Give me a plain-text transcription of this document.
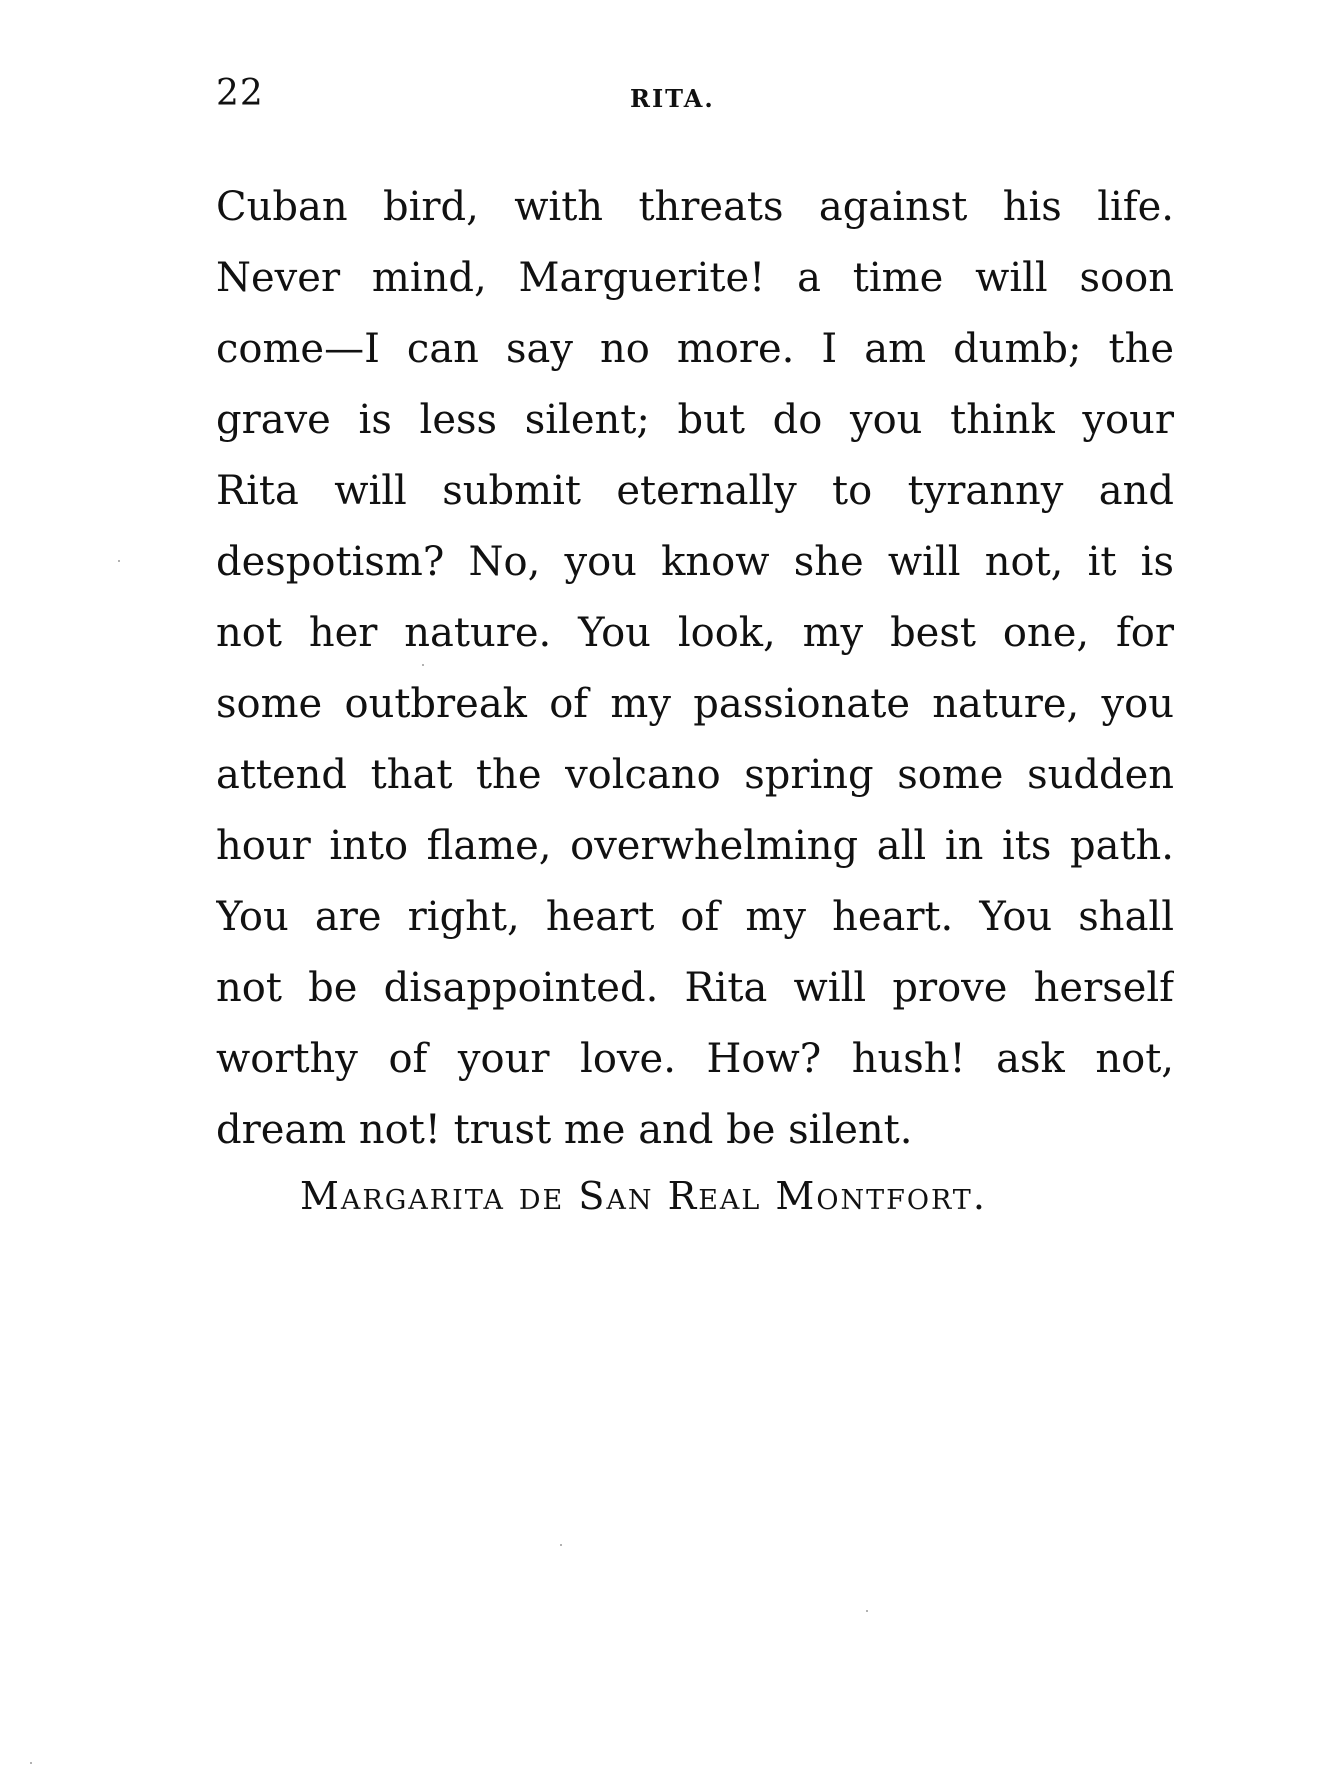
22	RITA.
Cuban bird, with threats against his life.
Never mind, Marguerite! a time will soon
come—I can say no more. I am dumb; the
grave is less silent; but do you think your
Rita will submit eternally to tyranny and
despotism? No, you know she will not, it is
not her nature. You look, my best one, for
some outbreak of my passionate nature, you
attend that the volcano spring some sudden
hour into flame, overwhelming all in its path.
You are right, heart of my heart. You shall
not be disappointed. Rita will prove herself
worthy of your love. How? hush! ask not,
dream not! trust me and be silent.
Margarita de San Real Montfort.
